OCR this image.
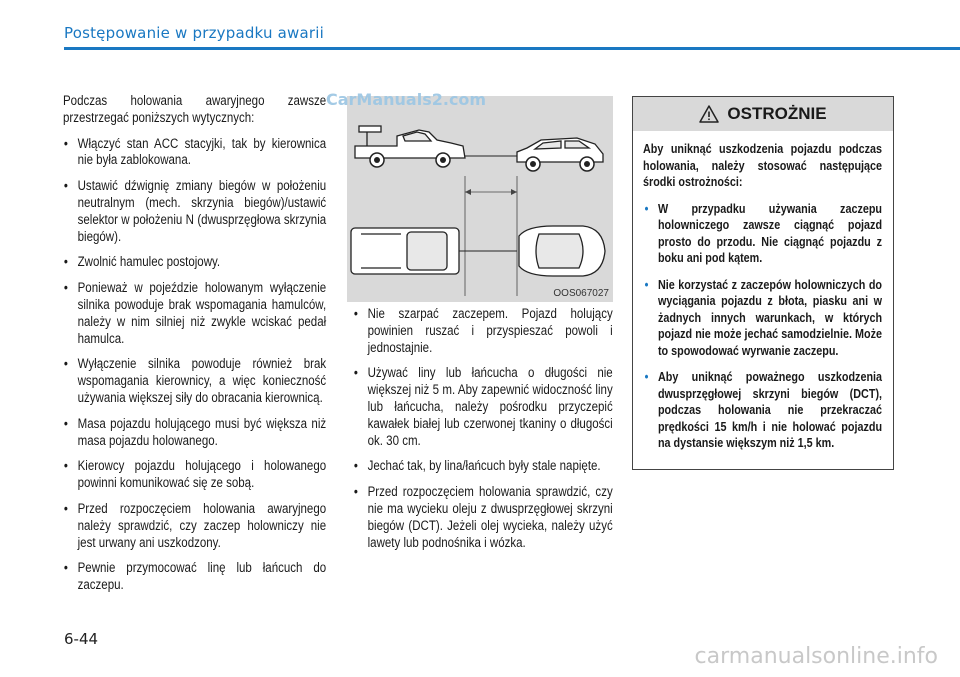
Postępowanie w przypadku awarii

Podczas holowania awaryjnego zawsze przestrzegać poniższych wytycznych:

• Włączyć stan ACC stacyjki, tak by kierownica nie była zablokowana.
• Ustawić dźwignię zmiany biegów w położeniu neutralnym (mech. skrzynia biegów)/ustawić selektor w położeniu N (dwusprzęgłowa skrzynia biegów).
• Zwolnić hamulec postojowy.
• Ponieważ w pojeździe holowanym wyłączenie silnika powoduje brak wspomagania hamulców, należy w nim silniej niż zwykle wciskać pedał hamulca.
• Wyłączenie silnika powoduje również brak wspomagania kierownicy, a więc konieczność używania większej siły do obracania kierownicą.
• Masa pojazdu holującego musi być większa niż masa pojazdu holowanego.
• Kierowcy pojazdu holującego i holowanego powinni komunikować się ze sobą.
• Przed rozpoczęciem holowania awaryjnego należy sprawdzić, czy zaczep holowniczy nie jest urwany ani uszkodzony.
• Pewnie przymocować linę lub łańcuch do zaczepu.
OOS067027
CarManuals2.com
• Nie szarpać zaczepem. Pojazd holujący powinien ruszać i przyspieszać powoli i jednostajnie.
• Używać liny lub łańcucha o długości nie większej niż 5 m. Aby zapewnić widoczność liny lub łańcucha, należy pośrodku przyczepić kawałek białej lub czerwonej tkaniny o długości ok. 30 cm.
• Jechać tak, by lina/łańcuch były stale napięte.
• Przed rozpoczęciem holowania sprawdzić, czy nie ma wycieku oleju z dwusprzęgłowej skrzyni biegów (DCT). Jeżeli olej wycieka, należy użyć lawety lub podnośnika i wózka.
OSTROŻNIE

Aby uniknąć uszkodzenia pojazdu podczas holowania, należy stosować następujące środki ostrożności:

• W przypadku używania zaczepu holowniczego zawsze ciągnąć pojazd prosto do przodu. Nie ciągnąć pojazdu z boku ani pod kątem.
• Nie korzystać z zaczepów holowniczych do wyciągania pojazdu z błota, piasku ani w żadnych innych warunkach, w których pojazd nie może jechać samodzielnie. Może to spowodować wyrwanie zaczepu.
• Aby uniknąć poważnego uszkodzenia dwusprzęgłowej skrzyni biegów (DCT), podczas holowania nie przekraczać prędkości 15 km/h i nie holować pojazdu na dystansie większym niż 1,5 km.
6-44
carmanualsonline.info
